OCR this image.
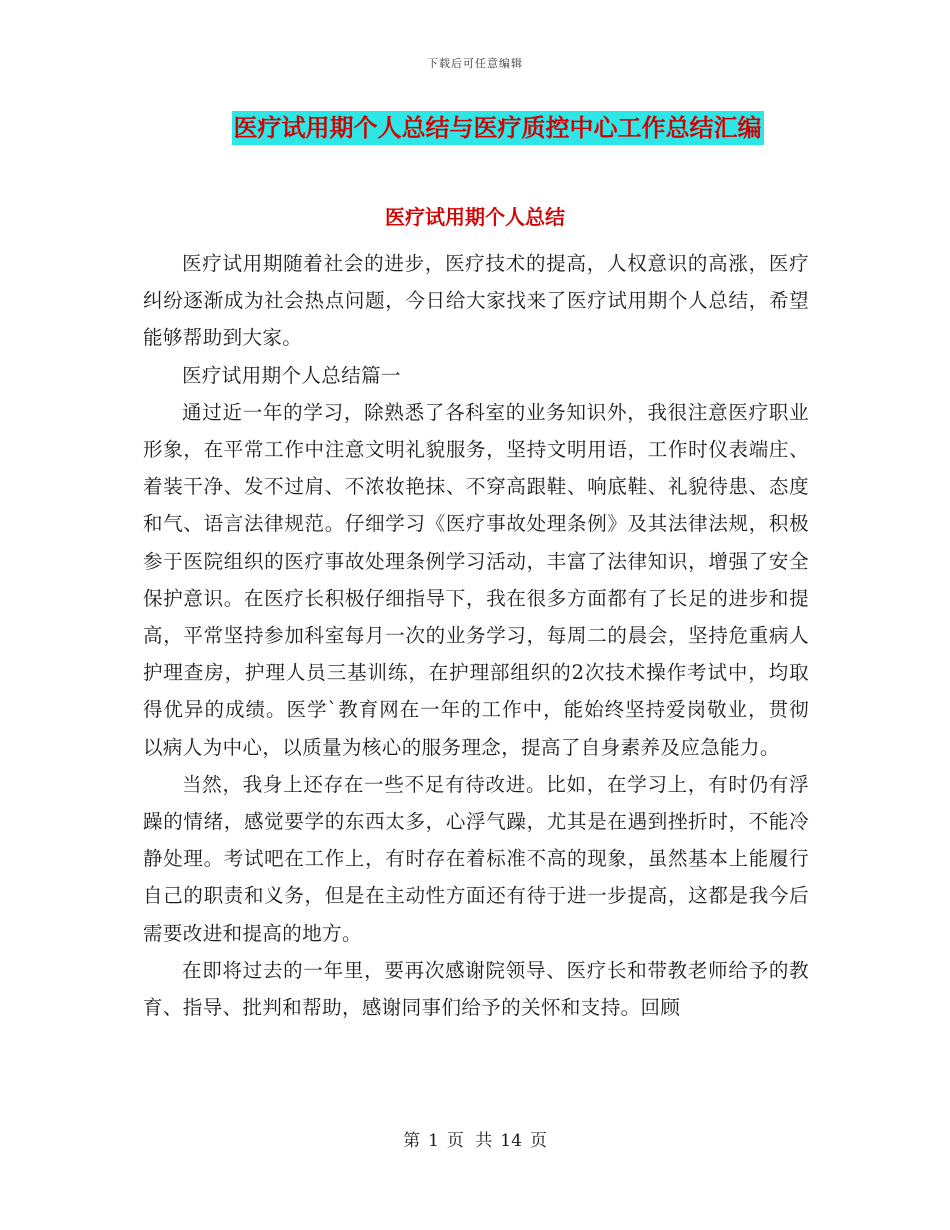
下载后可任意编辑
医疗试用期个人总结与医疗质控中心工作总结汇编
医疗试用期个人总结

医疗试用期随着社会的进步，医疗技术的提高，人权意识的高涨，医疗纠纷逐渐成为社会热点问题，今日给大家找来了医疗试用期个人总结，希望能够帮助到大家。

医疗试用期个人总结篇一

通过近一年的学习，除熟悉了各科室的业务知识外，我很注意医疗职业形象，在平常工作中注意文明礼貌服务，坚持文明用语，工作时仪表端庄、着装干净、发不过肩、不浓妆艳抹、不穿高跟鞋、响底鞋、礼貌待患、态度和气、语言法律规范。仔细学习《医疗事故处理条例》及其法律法规，积极参于医院组织的医疗事故处理条例学习活动，丰富了法律知识，增强了安全保护意识。在医疗长积极仔细指导下，我在很多方面都有了长足的进步和提高，平常坚持参加科室每月一次的业务学习，每周二的晨会，坚持危重病人护理查房，护理人员三基训练，在护理部组织的2次技术操作考试中，均取得优异的成绩。医学`教育网在一年的工作中，能始终坚持爱岗敬业，贯彻以病人为中心，以质量为核心的服务理念，提高了自身素养及应急能力。

当然，我身上还存在一些不足有待改进。比如，在学习上，有时仍有浮躁的情绪，感觉要学的东西太多，心浮气躁，尤其是在遇到挫折时，不能冷静处理。考试吧在工作上，有时存在着标准不高的现象，虽然基本上能履行自己的职责和义务，但是在主动性方面还有待于进一步提高，这都是我今后需要改进和提高的地方。

在即将过去的一年里，要再次感谢院领导、医疗长和带教老师给予的教育、指导、批判和帮助，感谢同事们给予的关怀和支持。回顾

第 1 页 共 14 页
